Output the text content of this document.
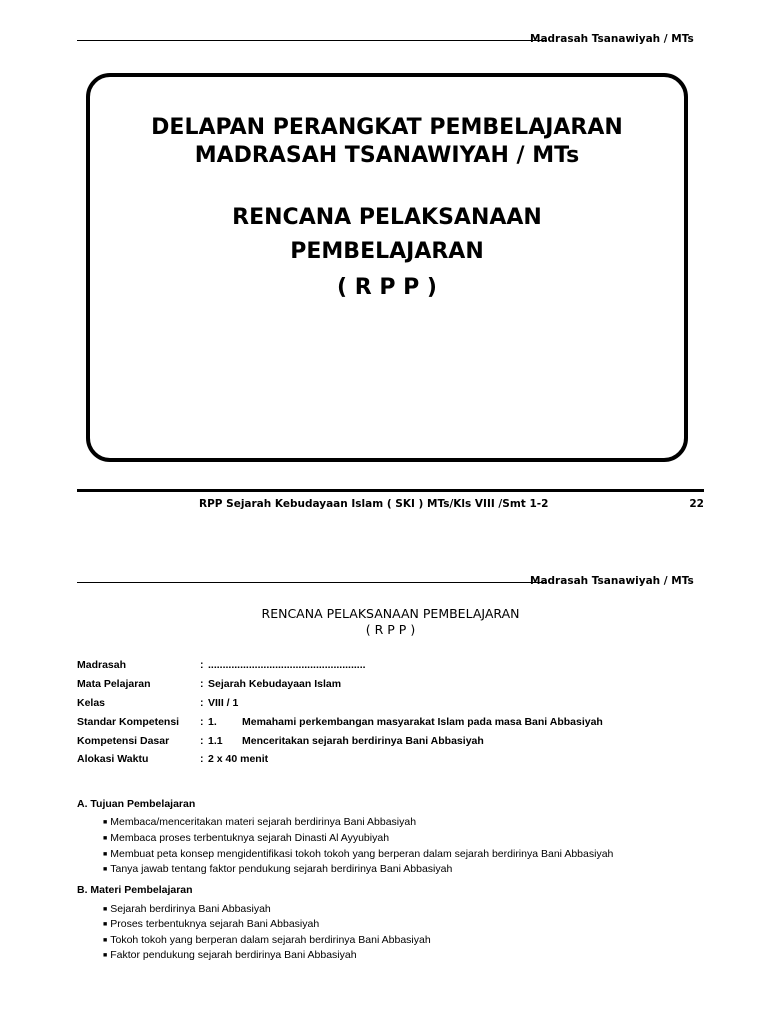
Madrasah Tsanawiyah / MTs
DELAPAN PERANGKAT PEMBELAJARAN
MADRASAH TSANAWIYAH / MTs
RENCANA PELAKSANAAN
PEMBELAJARAN
( R P P )
RPP Sejarah Kebudayaan Islam ( SKI ) MTs/Kls VIII /Smt 1-2	22
Madrasah Tsanawiyah / MTs
RENCANA PELAKSANAAN PEMBELAJARAN
( R P P )
Madrasah	: ......................................................
Mata Pelajaran	: Sejarah Kebudayaan Islam
Kelas	: VIII / 1
Standar Kompetensi : 1. Memahami perkembangan masyarakat Islam pada masa Bani Abbasiyah
Kompetensi Dasar	: 1.1 Menceritakan sejarah berdirinya Bani Abbasiyah
Alokasi Waktu	: 2 x 40 menit
A. Tujuan Pembelajaran
■ Membaca/menceritakan materi sejarah berdirinya Bani Abbasiyah
■ Membaca proses terbentuknya sejarah Dinasti Al Ayyubiyah
■ Membuat peta konsep mengidentifikasi tokoh tokoh yang berperan dalam sejarah berdirinya Bani Abbasiyah
■ Tanya jawab tentang faktor pendukung sejarah berdirinya Bani Abbasiyah
B. Materi Pembelajaran
■ Sejarah berdirinya Bani Abbasiyah
■ Proses terbentuknya sejarah Bani Abbasiyah
■ Tokoh tokoh yang berperan dalam sejarah berdirinya Bani Abbasiyah
■ Faktor pendukung sejarah berdirinya Bani Abbasiyah
